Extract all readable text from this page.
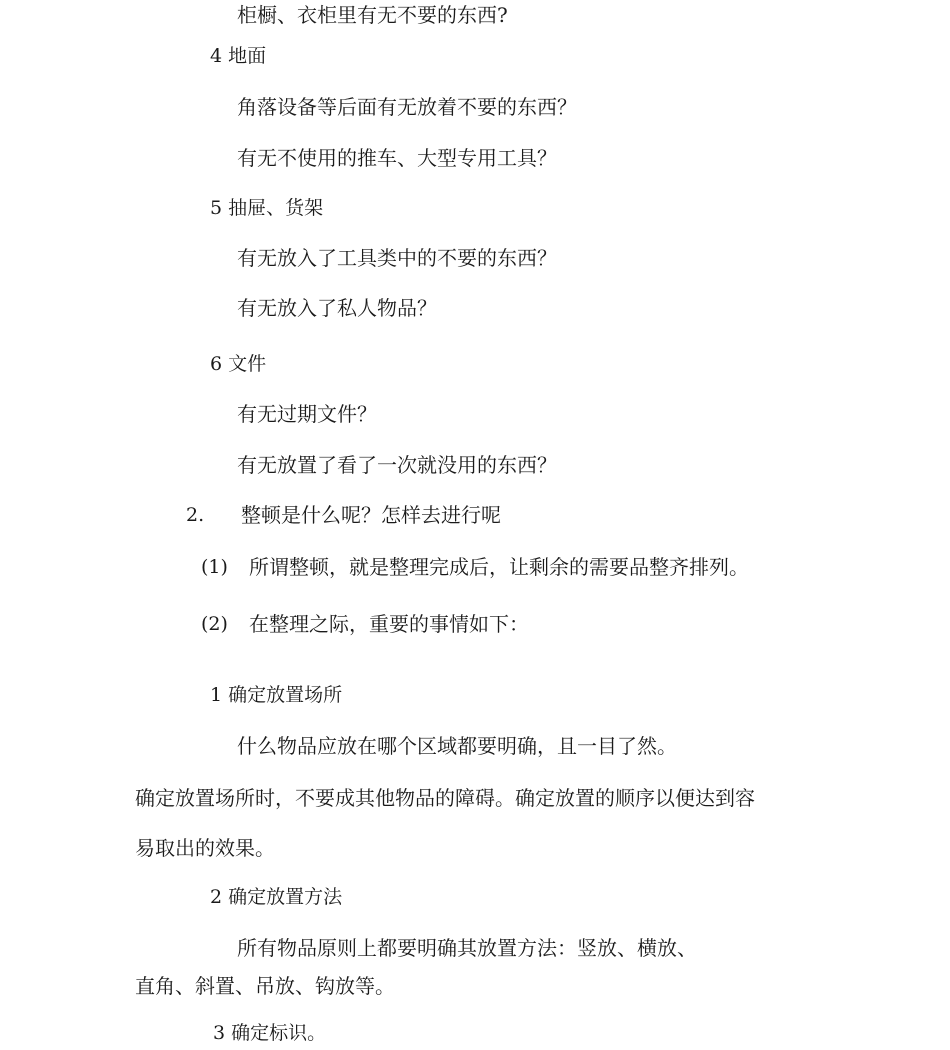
柜橱、衣柜里有无不要的东西?
4 地面
角落设备等后面有无放着不要的东西？
有无不使用的推车、大型专用工具？
5 抽屉、货架
有无放入了工具类中的不要的东西？
有无放入了私人物品？
6 文件
有无过期文件？
有无放置了看了一次就没用的东西？
2. 整顿是什么呢？怎样去进行呢
(1) 所谓整顿，就是整理完成后，让剩余的需要品整齐排列。
(2) 在整理之际，重要的事情如下：
1 确定放置场所
什么物品应放在哪个区域都要明确，且一目了然。
确定放置场所时，不要成其他物品的障碍。确定放置的顺序以便达到容
易取出的效果。
2 确定放置方法
所有物品原则上都要明确其放置方法：竖放、横放、
直角、斜置、吊放、钩放等。
3 确定标识。
